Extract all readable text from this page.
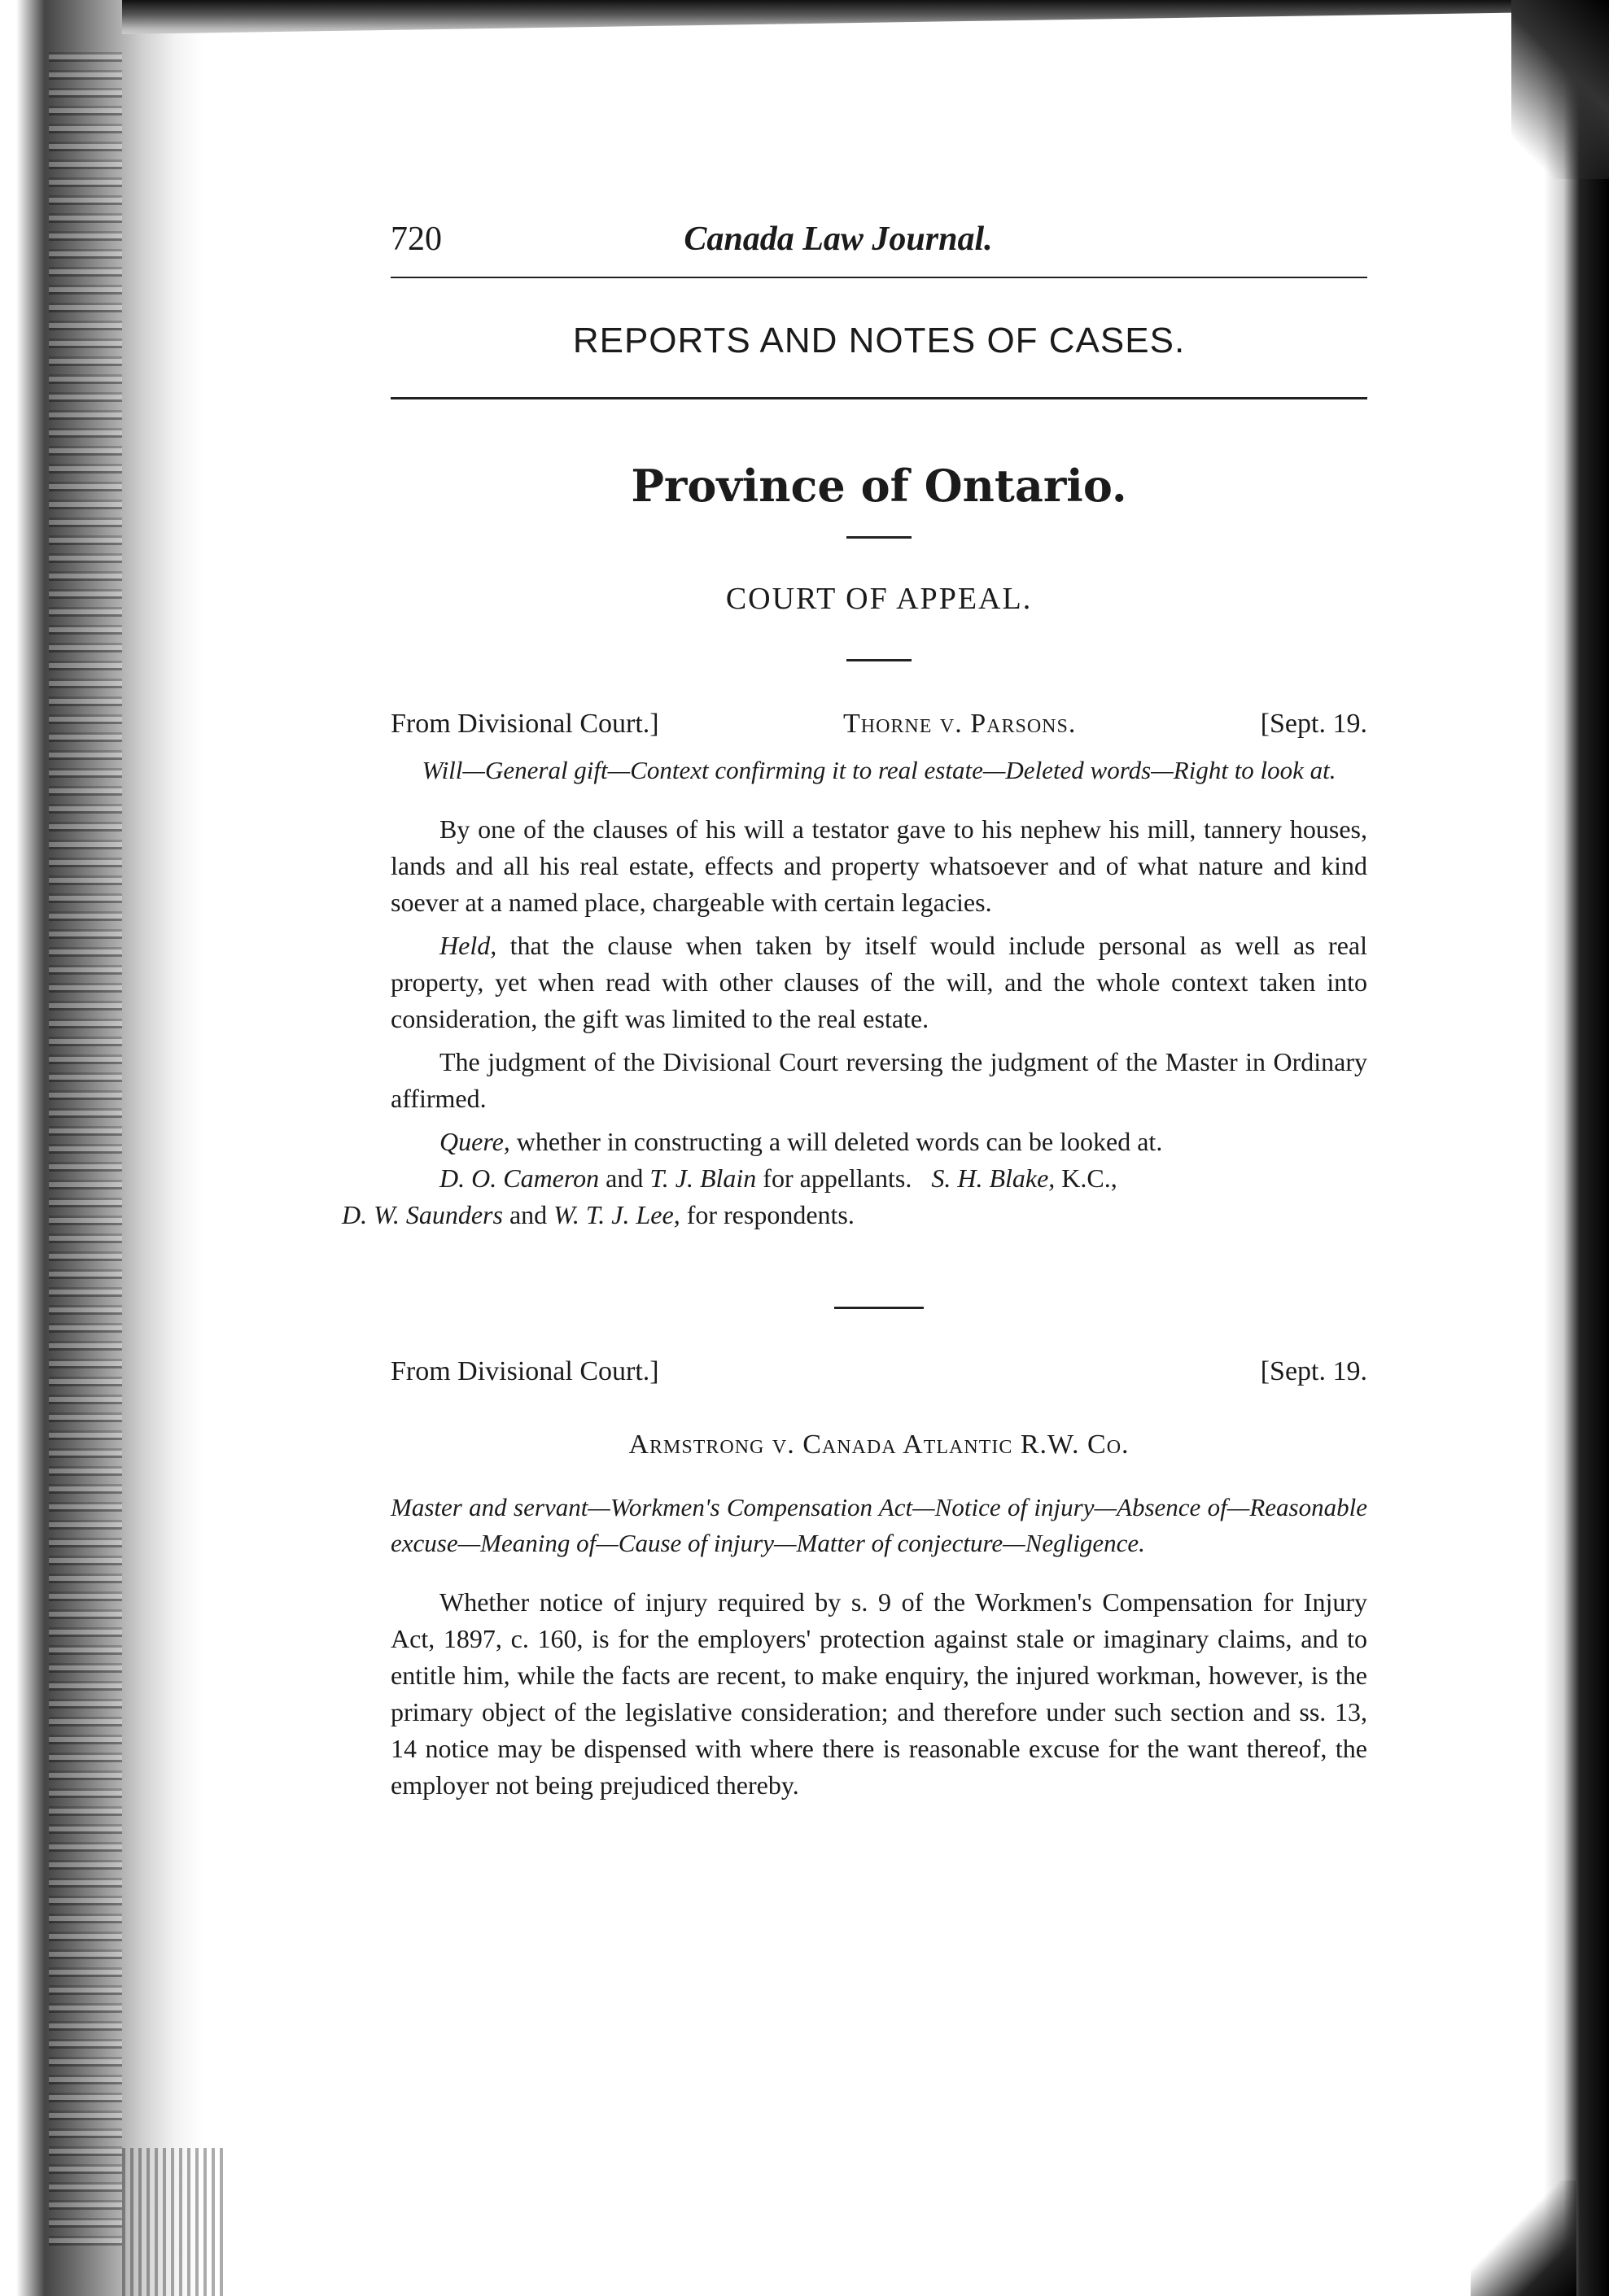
720	Canada Law Journal.
REPORTS AND NOTES OF CASES.
Province of Ontario.
COURT OF APPEAL.
From Divisional Court.]	Thorne v. Parsons.	[Sept. 19.
Will—General gift—Context confirming it to real estate—Deleted words—Right to look at.

By one of the clauses of his will a testator gave to his nephew his mill, tannery houses, lands and all his real estate, effects and property whatsoever and of what nature and kind soever at a named place, chargeable with certain legacies.

Held, that the clause when taken by itself would include personal as well as real property, yet when read with other clauses of the will, and the whole context taken into consideration, the gift was limited to the real estate.

The judgment of the Divisional Court reversing the judgment of the Master in Ordinary affirmed.

Quere, whether in constructing a will deleted words can be looked at.

D. O. Cameron and T. J. Blain for appellants. S. H. Blake, K.C.,
D. W. Saunders and W. T. J. Lee, for respondents.

From Divisional Court.]	[Sept. 19.
Armstrong v. Canada Atlantic R.W. Co.
Master and servant—Workmen's Compensation Act—Notice of injury—Absence of—Reasonable excuse—Meaning of—Cause of injury—Matter of conjecture—Negligence.

Whether notice of injury required by s. 9 of the Workmen's Compensation for Injury Act, 1897, c. 160, is for the employers' protection against stale or imaginary claims, and to entitle him, while the facts are recent, to make enquiry, the injured workman, however, is the primary object of the legislative consideration; and therefore under such section and ss. 13, 14 notice may be dispensed with where there is reasonable excuse for the want thereof, the employer not being prejudiced thereby.
